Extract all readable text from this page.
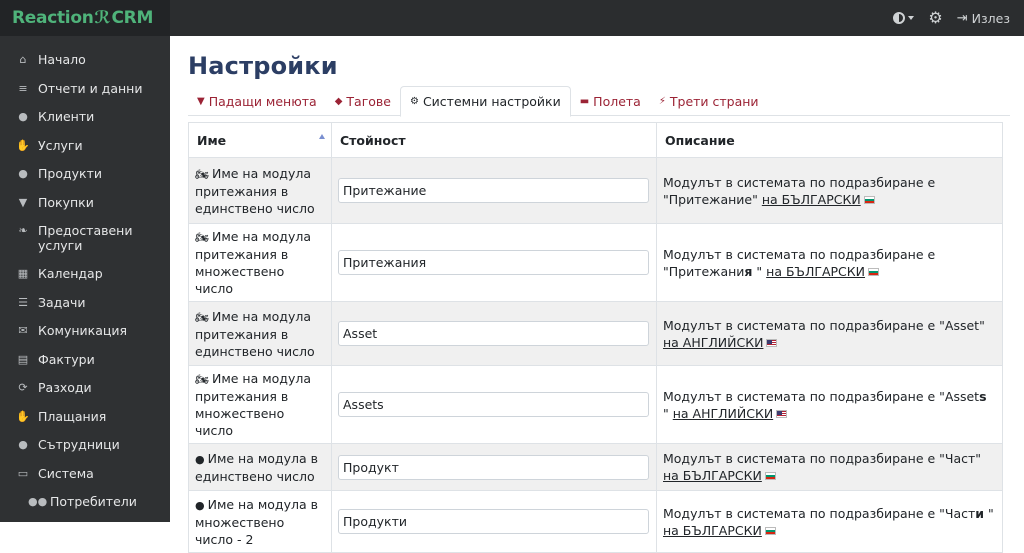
Reaction ℛ CRM	⚙ ⇥ Излез
⌂ Начало
≡ Отчети и данни
● Клиенти
✋ Услуги
● Продукти
▼ Покупки
❧ Предоставени услуги
▦ Календар
☰ Задачи
✉ Комуникация
▤ Фактури
⟳ Разходи
✋ Плащания
● Сътрудници
▭ Система
●● Потребители
Настройки
▼ Падащи менюта ◆ Тагове ⚙ Системни настройки ▬ Полета ⚡ Трети страни
Име	Стойност	Описание
🏍 Име на модула притежания в единствено число	Притежание	Модулът в системата по подразбиране е "Притежание" на БЪЛГАРСКИ
🏍 Име на модула притежания в множествено число	Притежания	Модулът в системата по подразбиране е "Притежания " на БЪЛГАРСКИ
🏍 Име на модула притежания в единствено число	Asset	Модулът в системата по подразбиране е "Asset" на АНГЛИЙСКИ
🏍 Име на модула притежания в множествено число	Assets	Модулът в системата по подразбиране е "Assets " на АНГЛИЙСКИ
● Име на модула в единствено число	Продукт	Модулът в системата по подразбиране е "Част" на БЪЛГАРСКИ
● Име на модула в множествено число - 2	Продукти	Модулът в системата по подразбиране е "Части " на БЪЛГАРСКИ
